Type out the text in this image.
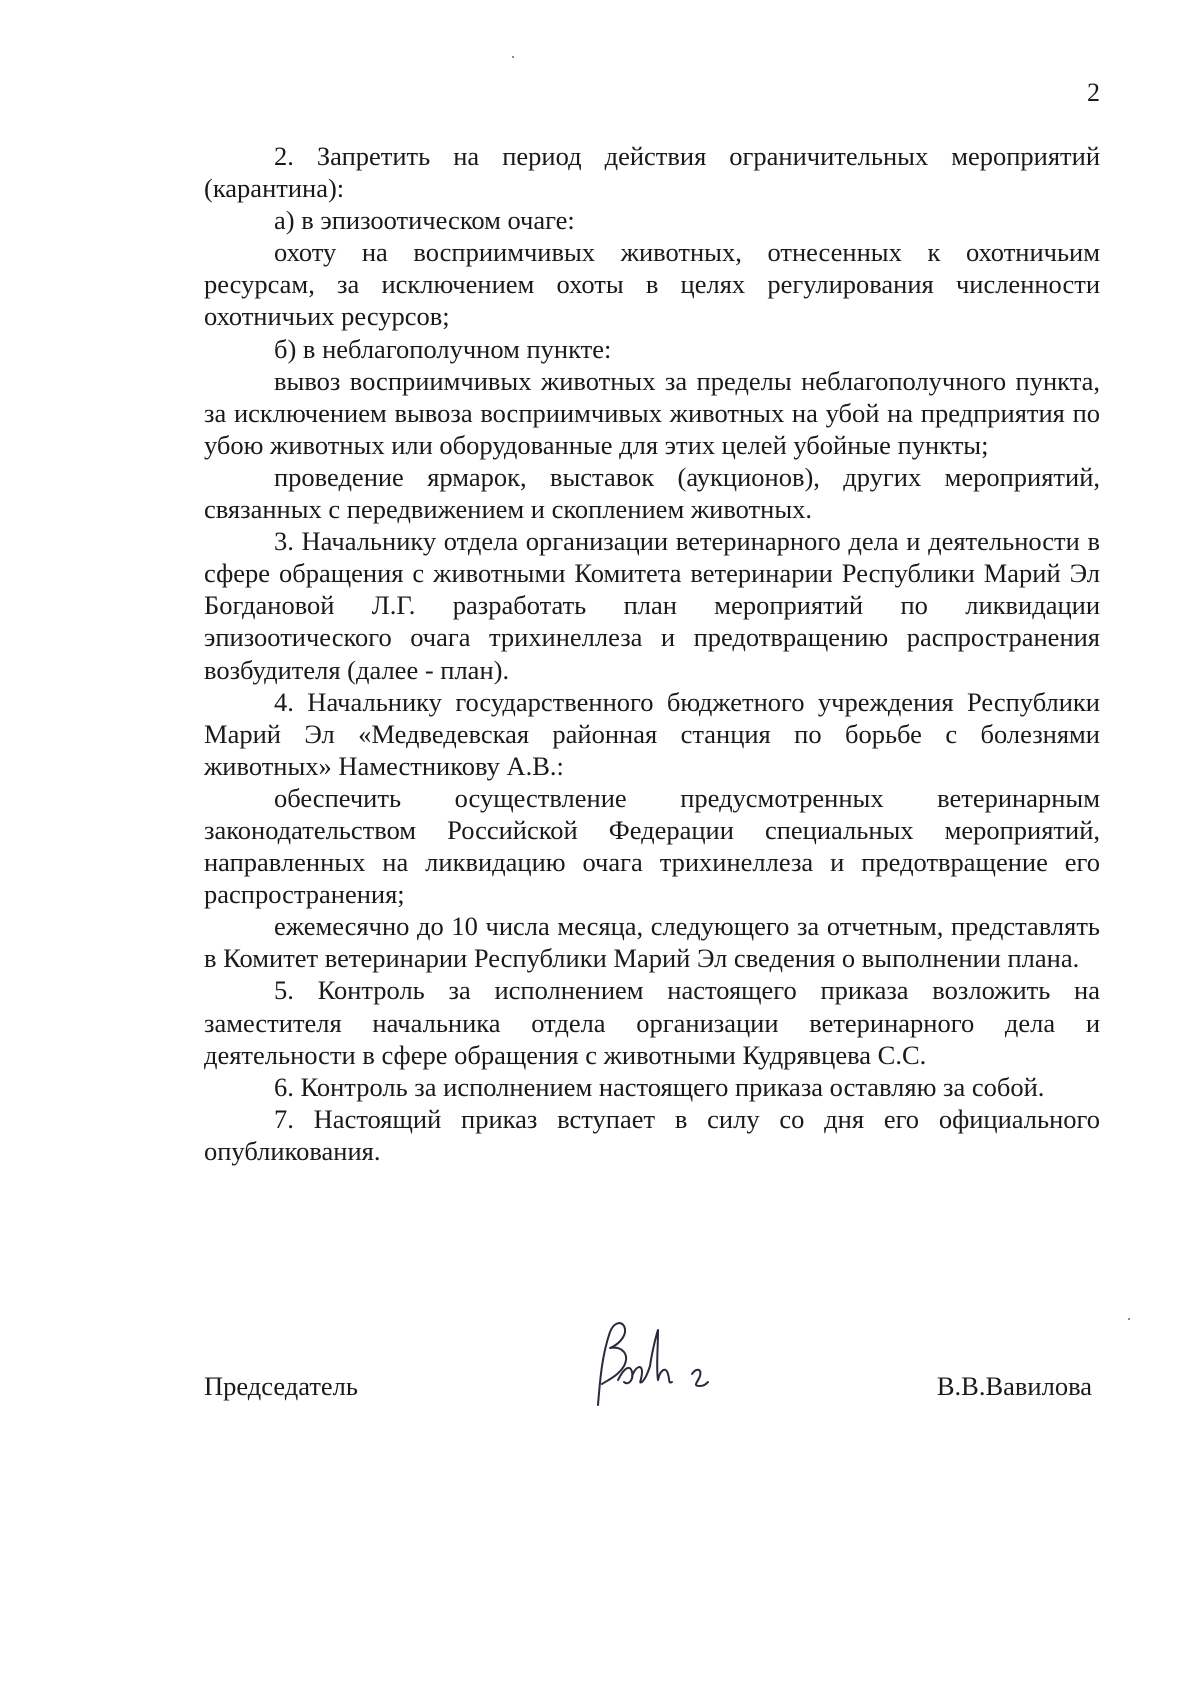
2

2. Запретить на период действия ограничительных мероприятий (карантина):

а) в эпизоотическом очаге:

охоту на восприимчивых животных, отнесенных к охотничьим ресурсам, за исключением охоты в целях регулирования численности охотничьих ресурсов;

б) в неблагополучном пункте:

вывоз восприимчивых животных за пределы неблагополучного пункта, за исключением вывоза восприимчивых животных на убой на предприятия по убою животных или оборудованные для этих целей убойные пункты;

проведение ярмарок, выставок (аукционов), других мероприятий, связанных с передвижением и скоплением животных.

3. Начальнику отдела организации ветеринарного дела и деятельности в сфере обращения с животными Комитета ветеринарии Республики Марий Эл Богдановой Л.Г. разработать план мероприятий по ликвидации эпизоотического очага трихинеллеза и предотвращению распространения возбудителя (далее - план).

4. Начальнику государственного бюджетного учреждения Республики Марий Эл «Медведевская районная станция по борьбе с болезнями животных» Наместникову А.В.:

обеспечить осуществление предусмотренных ветеринарным законодательством Российской Федерации специальных мероприятий, направленных на ликвидацию очага трихинеллеза и предотвращение его распространения;

ежемесячно до 10 числа месяца, следующего за отчетным, представлять в Комитет ветеринарии Республики Марий Эл сведения о выполнении плана.

5. Контроль за исполнением настоящего приказа возложить на заместителя начальника отдела организации ветеринарного дела и деятельности в сфере обращения с животными Кудрявцева С.С.

6. Контроль за исполнением настоящего приказа оставляю за собой.

7. Настоящий приказ вступает в силу со дня его официального опубликования.

Председатель	В.В.Вавилова
